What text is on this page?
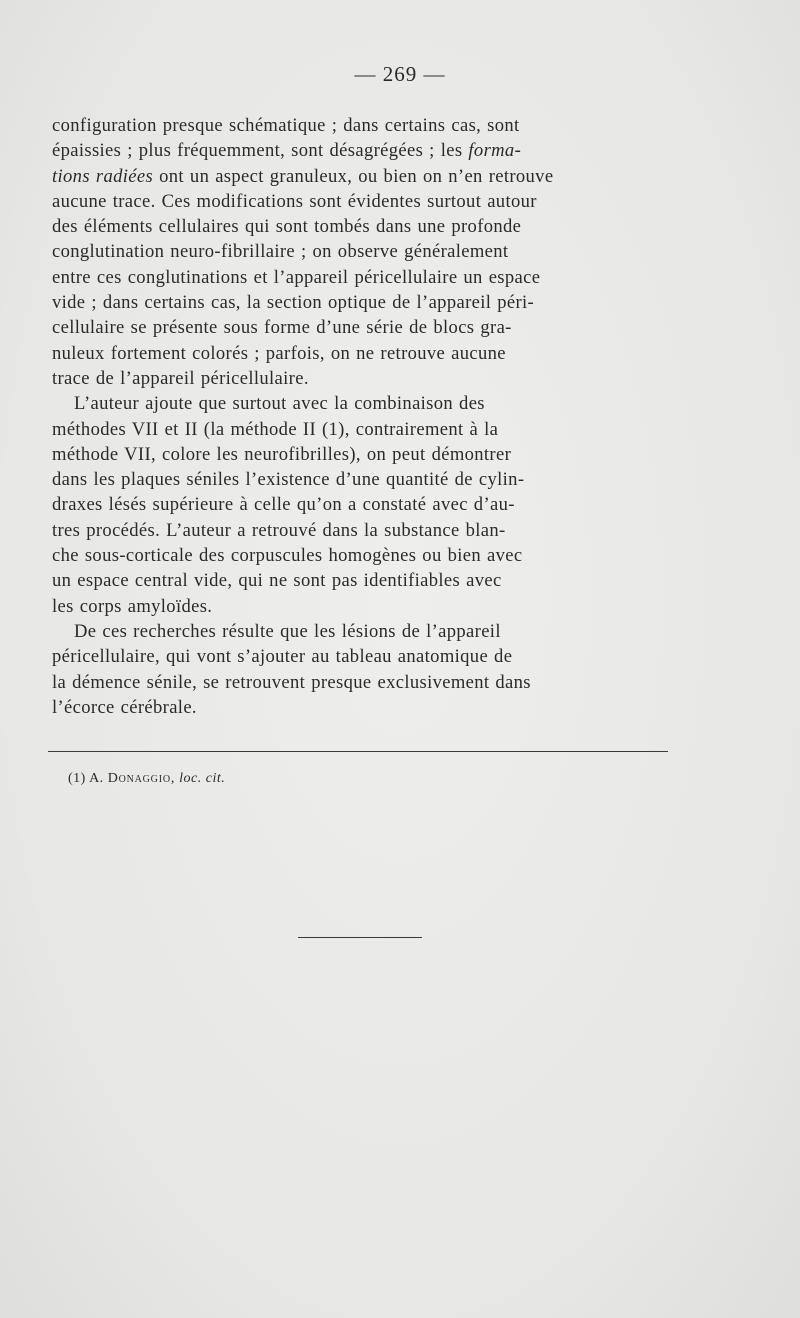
— 269 —
configuration presque schématique ; dans certains cas, sont
épaissies ; plus fréquemment, sont désagrégées ; les forma-
tions radiées ont un aspect granuleux, ou bien on n’en retrouve
aucune trace. Ces modifications sont évidentes surtout autour
des éléments cellulaires qui sont tombés dans une profonde
conglutination neuro-fibrillaire ; on observe généralement
entre ces conglutinations et l’appareil péricellulaire un espace
vide ; dans certains cas, la section optique de l’appareil péri-
cellulaire se présente sous forme d’une série de blocs gra-
nuleux fortement colorés ; parfois, on ne retrouve aucune
trace de l’appareil péricellulaire.
L’auteur ajoute que surtout avec la combinaison des
méthodes VII et II (la méthode II (1), contrairement à la
méthode VII, colore les neurofibrilles), on peut démontrer
dans les plaques séniles l’existence d’une quantité de cylin-
draxes lésés supérieure à celle qu’on a constaté avec d’au-
tres procédés. L’auteur a retrouvé dans la substance blan-
che sous-corticale des corpuscules homogènes ou bien avec
un espace central vide, qui ne sont pas identifiables avec
les corps amyloïdes.
De ces recherches résulte que les lésions de l’appareil
péricellulaire, qui vont s’ajouter au tableau anatomique de
la démence sénile, se retrouvent presque exclusivement dans
l’écorce cérébrale.
(1) A. Donaggio, loc. cit.
